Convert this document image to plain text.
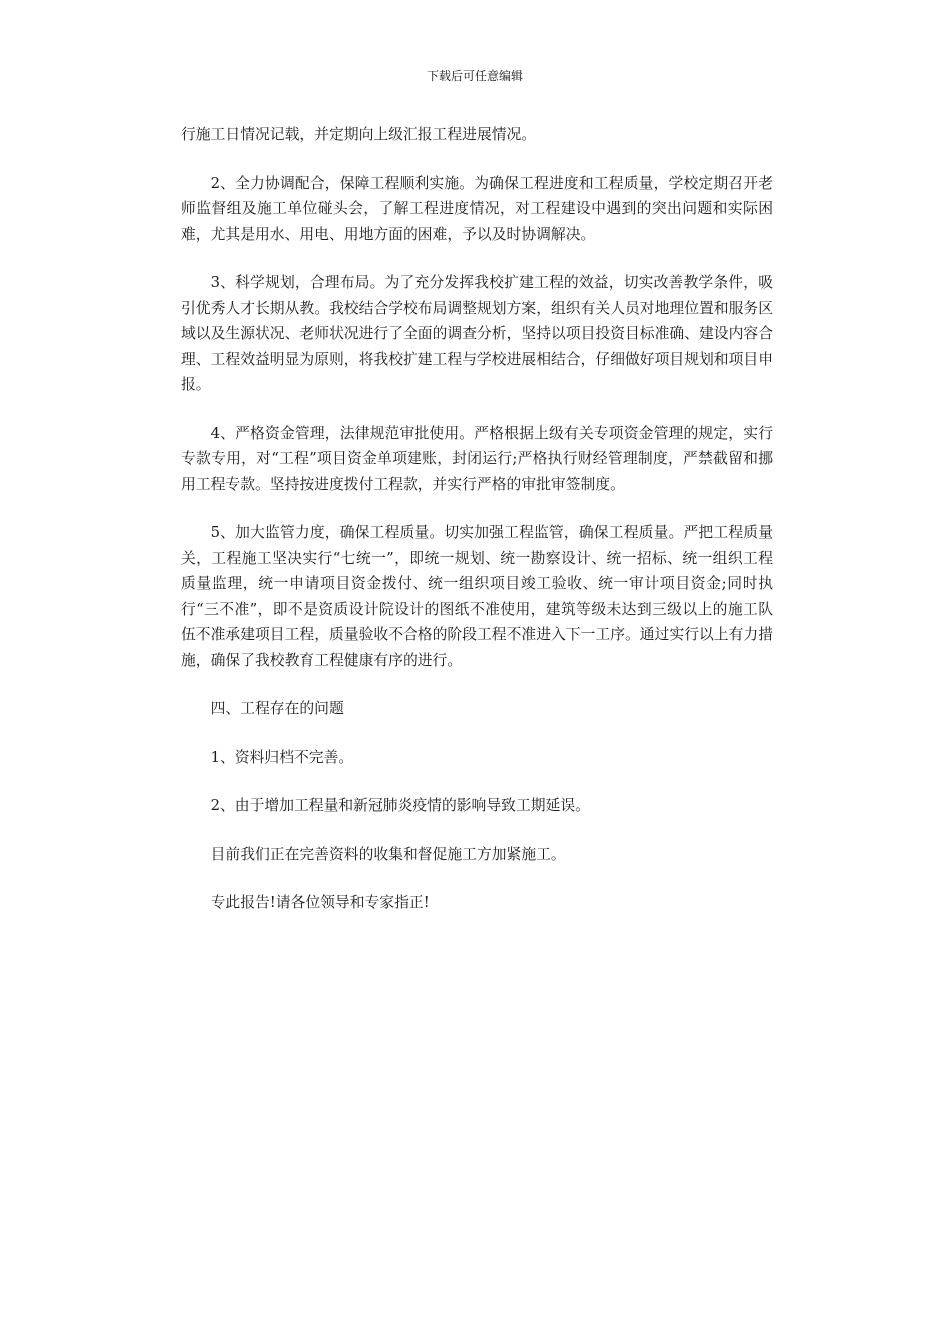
下载后可任意编辑

行施工日情况记载，并定期向上级汇报工程进展情况。

2、全力协调配合，保障工程顺利实施。为确保工程进度和工程质量，学校定期召开老师监督组及施工单位碰头会，了解工程进度情况，对工程建设中遇到的突出问题和实际困难，尤其是用水、用电、用地方面的困难，予以及时协调解决。

3、科学规划，合理布局。为了充分发挥我校扩建工程的效益，切实改善教学条件，吸引优秀人才长期从教。我校结合学校布局调整规划方案，组织有关人员对地理位置和服务区域以及生源状况、老师状况进行了全面的调查分析，坚持以项目投资目标准确、建设内容合理、工程效益明显为原则，将我校扩建工程与学校进展相结合，仔细做好项目规划和项目申报。

4、严格资金管理，法律规范审批使用。严格根据上级有关专项资金管理的规定，实行专款专用，对“工程”项目资金单项建账，封闭运行;严格执行财经管理制度，严禁截留和挪用工程专款。坚持按进度拨付工程款，并实行严格的审批审签制度。

5、加大监管力度，确保工程质量。切实加强工程监管，确保工程质量。严把工程质量关，工程施工坚决实行“七统一”，即统一规划、统一勘察设计、统一招标、统一组织工程质量监理，统一申请项目资金拨付、统一组织项目竣工验收、统一审计项目资金;同时执行“三不准”，即不是资质设计院设计的图纸不准使用，建筑等级未达到三级以上的施工队伍不准承建项目工程，质量验收不合格的阶段工程不准进入下一工序。通过实行以上有力措施，确保了我校教育工程健康有序的进行。

四、工程存在的问题

1、资料归档不完善。

2、由于增加工程量和新冠肺炎疫情的影响导致工期延误。

目前我们正在完善资料的收集和督促施工方加紧施工。

专此报告!请各位领导和专家指正!
